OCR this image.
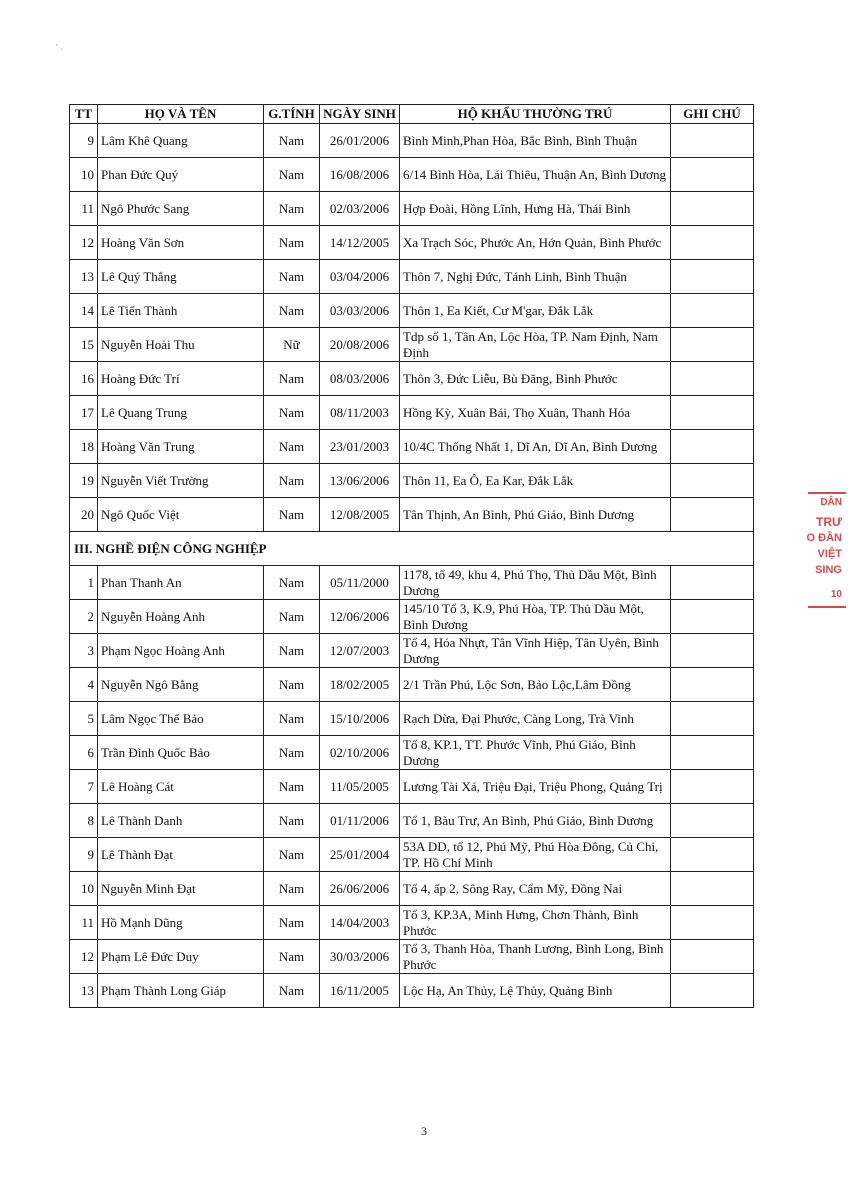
· ˏ
TT	HỌ VÀ TÊN	G.TÍNH	NGÀY SINH	HỘ KHẨU THƯỜNG TRÚ	GHI CHÚ
9	Lâm Khê Quang	Nam	26/01/2006	Bình Minh,Phan Hòa, Bắc Bình, Bình Thuận	
10	Phan Đức Quý	Nam	16/08/2006	6/14 Bình Hòa, Lái Thiêu, Thuận An, Bình Dương	
11	Ngô Phước Sang	Nam	02/03/2006	Hợp Đoài, Hồng Lĩnh, Hưng Hà, Thái Bình	
12	Hoàng Văn Sơn	Nam	14/12/2005	Xa Trạch Sóc, Phước An, Hớn Quản, Bình Phước	
13	Lê Quý Thắng	Nam	03/04/2006	Thôn 7, Nghị Đức, Tánh Linh, Bình Thuận	
14	Lê Tiến Thành	Nam	03/03/2006	Thôn 1, Ea Kiết, Cư M'gar, Đắk Lắk	
15	Nguyễn Hoài Thu	Nữ	20/08/2006	Tdp số 1, Tân An, Lộc Hòa, TP. Nam Định, Nam Định	
16	Hoàng Đức Trí	Nam	08/03/2006	Thôn 3, Đức Liễu, Bù Đăng, Bình Phước	
17	Lê Quang Trung	Nam	08/11/2003	Hồng Kỳ, Xuân Bái, Thọ Xuân, Thanh Hóa	
18	Hoàng Văn Trung	Nam	23/01/2003	10/4C Thống Nhất 1, Dĩ An, Dĩ An, Bình Dương	
19	Nguyễn Viết Trường	Nam	13/06/2006	Thôn 11, Ea Ô, Ea Kar, Đắk Lắk	
20	Ngô Quốc Việt	Nam	12/08/2005	Tân Thịnh, An Bình, Phú Giáo, Bình Dương	
III. NGHỀ ĐIỆN CÔNG NGHIỆP					
1	Phan Thanh An	Nam	05/11/2000	1178, tổ 49, khu 4, Phú Thọ, Thủ Dầu Một, Bình Dương	
2	Nguyễn Hoàng Anh	Nam	12/06/2006	145/10 Tổ 3, K.9, Phú Hòa, TP. Thủ Dầu Một, Bình Dương	
3	Phạm Ngọc Hoàng Anh	Nam	12/07/2003	Tổ 4, Hóa Nhựt, Tân Vĩnh Hiệp, Tân Uyên, Bình Dương	
4	Nguyễn Ngô Bằng	Nam	18/02/2005	2/1 Trần Phú, Lộc Sơn, Bảo Lộc,Lâm Đồng	
5	Lâm Ngọc Thế Bảo	Nam	15/10/2006	Rạch Dừa, Đại Phước, Càng Long, Trà Vinh	
6	Trần Đình Quốc Bảo	Nam	02/10/2006	Tổ 8, KP.1, TT. Phước Vĩnh, Phú Giáo, Bình Dương	
7	Lê Hoàng Cát	Nam	11/05/2005	Lương Tài Xá, Triệu Đại, Triệu Phong, Quảng Trị	
8	Lê Thành Danh	Nam	01/11/2006	Tổ 1, Bàu Trư, An Bình, Phú Giáo, Bình Dương	
9	Lê Thành Đạt	Nam	25/01/2004	53A DD, tổ 12, Phú Mỹ, Phú Hòa Đông, Củ Chi, TP. Hồ Chí Minh	
10	Nguyễn Minh Đạt	Nam	26/06/2006	Tổ 4, ấp 2, Sông Ray, Cẩm Mỹ, Đồng Nai	
11	Hồ Mạnh Dũng	Nam	14/04/2003	Tổ 3, KP.3A, Minh Hưng, Chơn Thành, Bình Phước	
12	Phạm Lê Đức Duy	Nam	30/03/2006	Tổ 3, Thanh Hòa, Thanh Lương, Bình Long, Bình Phước	
13	Phạm Thành Long Giáp	Nam	16/11/2005	Lộc Hạ, An Thủy, Lệ Thủy, Quảng Bình	
DÂN
TRƯ
O ĐẦN
VIỆT
SING
10
3
